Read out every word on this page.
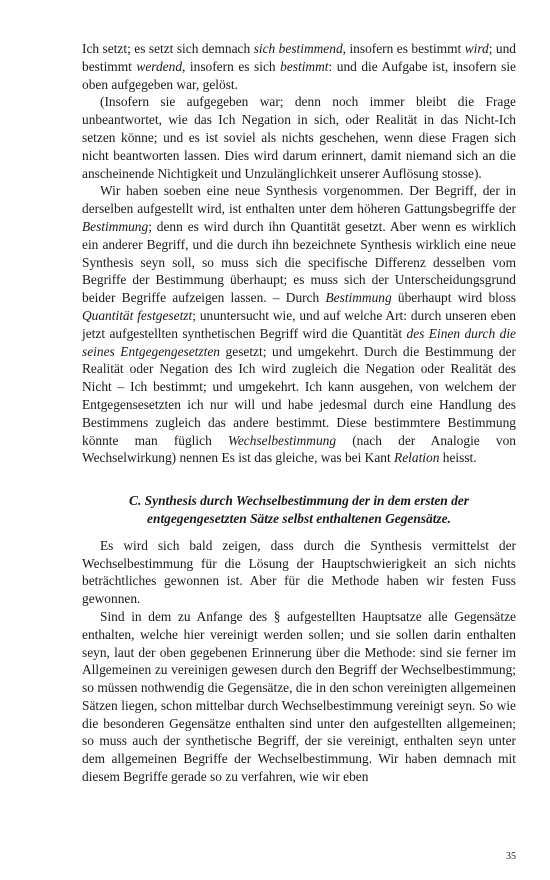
Ich setzt; es setzt sich demnach sich bestimmend, insofern es bestimmt wird; und bestimmt werdend, insofern es sich bestimmt: und die Aufgabe ist, insofern sie oben aufgegeben war, gelöst.

(Insofern sie aufgegeben war; denn noch immer bleibt die Frage unbeantwortet, wie das Ich Negation in sich, oder Realität in das Nicht-Ich setzen könne; und es ist soviel als nichts geschehen, wenn diese Fragen sich nicht beantworten lassen. Dies wird darum erinnert, damit niemand sich an die anscheinende Nichtigkeit und Unzulänglichkeit unserer Auflösung stosse).

Wir haben soeben eine neue Synthesis vorgenommen. Der Begriff, der in derselben aufgestellt wird, ist enthalten unter dem höheren Gattungsbegriffe der Bestimmung; denn es wird durch ihn Quantität gesetzt. Aber wenn es wirklich ein anderer Begriff, und die durch ihn bezeichnete Synthesis wirklich eine neue Synthesis seyn soll, so muss sich die specifische Differenz desselben vom Begriffe der Bestimmung überhaupt; es muss sich der Unterscheidungsgrund beider Begriffe aufzeigen lassen. – Durch Bestimmung überhaupt wird bloss Quantität festgesetzt; ununtersucht wie, und auf welche Art: durch unseren eben jetzt aufgestellten synthetischen Begriff wird die Quantität des Einen durch die seines Entgegengesetzten gesetzt; und umgekehrt. Durch die Bestimmung der Realität oder Negation des Ich wird zugleich die Negation oder Realität des Nicht – Ich bestimmt; und umgekehrt. Ich kann ausgehen, von welchem der Entgegensesetzten ich nur will und habe jedesmal durch eine Handlung des Bestimmens zugleich das andere bestimmt. Diese bestimmtere Bestimmung könnte man füglich Wechselbestimmung (nach der Analogie von Wechselwirkung) nennen Es ist das gleiche, was bei Kant Relation heisst.

C. Synthesis durch Wechselbestimmung der in dem ersten der
entgegengesetzten Sätze selbst enthaltenen Gegensätze.

Es wird sich bald zeigen, dass durch die Synthesis vermittelst der Wechselbestimmung für die Lösung der Hauptschwierigkeit an sich nichts beträchtliches gewonnen ist. Aber für die Methode haben wir festen Fuss gewonnen.

Sind in dem zu Anfange des § aufgestellten Hauptsatze alle Gegensätze enthalten, welche hier vereinigt werden sollen; und sie sollen darin enthalten seyn, laut der oben gegebenen Erinnerung über die Methode: sind sie ferner im Allgemeinen zu vereinigen gewesen durch den Begriff der Wechselbestimmung; so müssen nothwendig die Gegensätze, die in den schon vereinigten allgemeinen Sätzen liegen, schon mittelbar durch Wechselbestimmung vereinigt seyn. So wie die besonderen Gegensätze enthalten sind unter den aufgestellten allgemeinen; so muss auch der synthetische Begriff, der sie vereinigt, enthalten seyn unter dem allgemeinen Begriffe der Wechselbestimmung. Wir haben demnach mit diesem Begriffe gerade so zu verfahren, wie wir eben

35
